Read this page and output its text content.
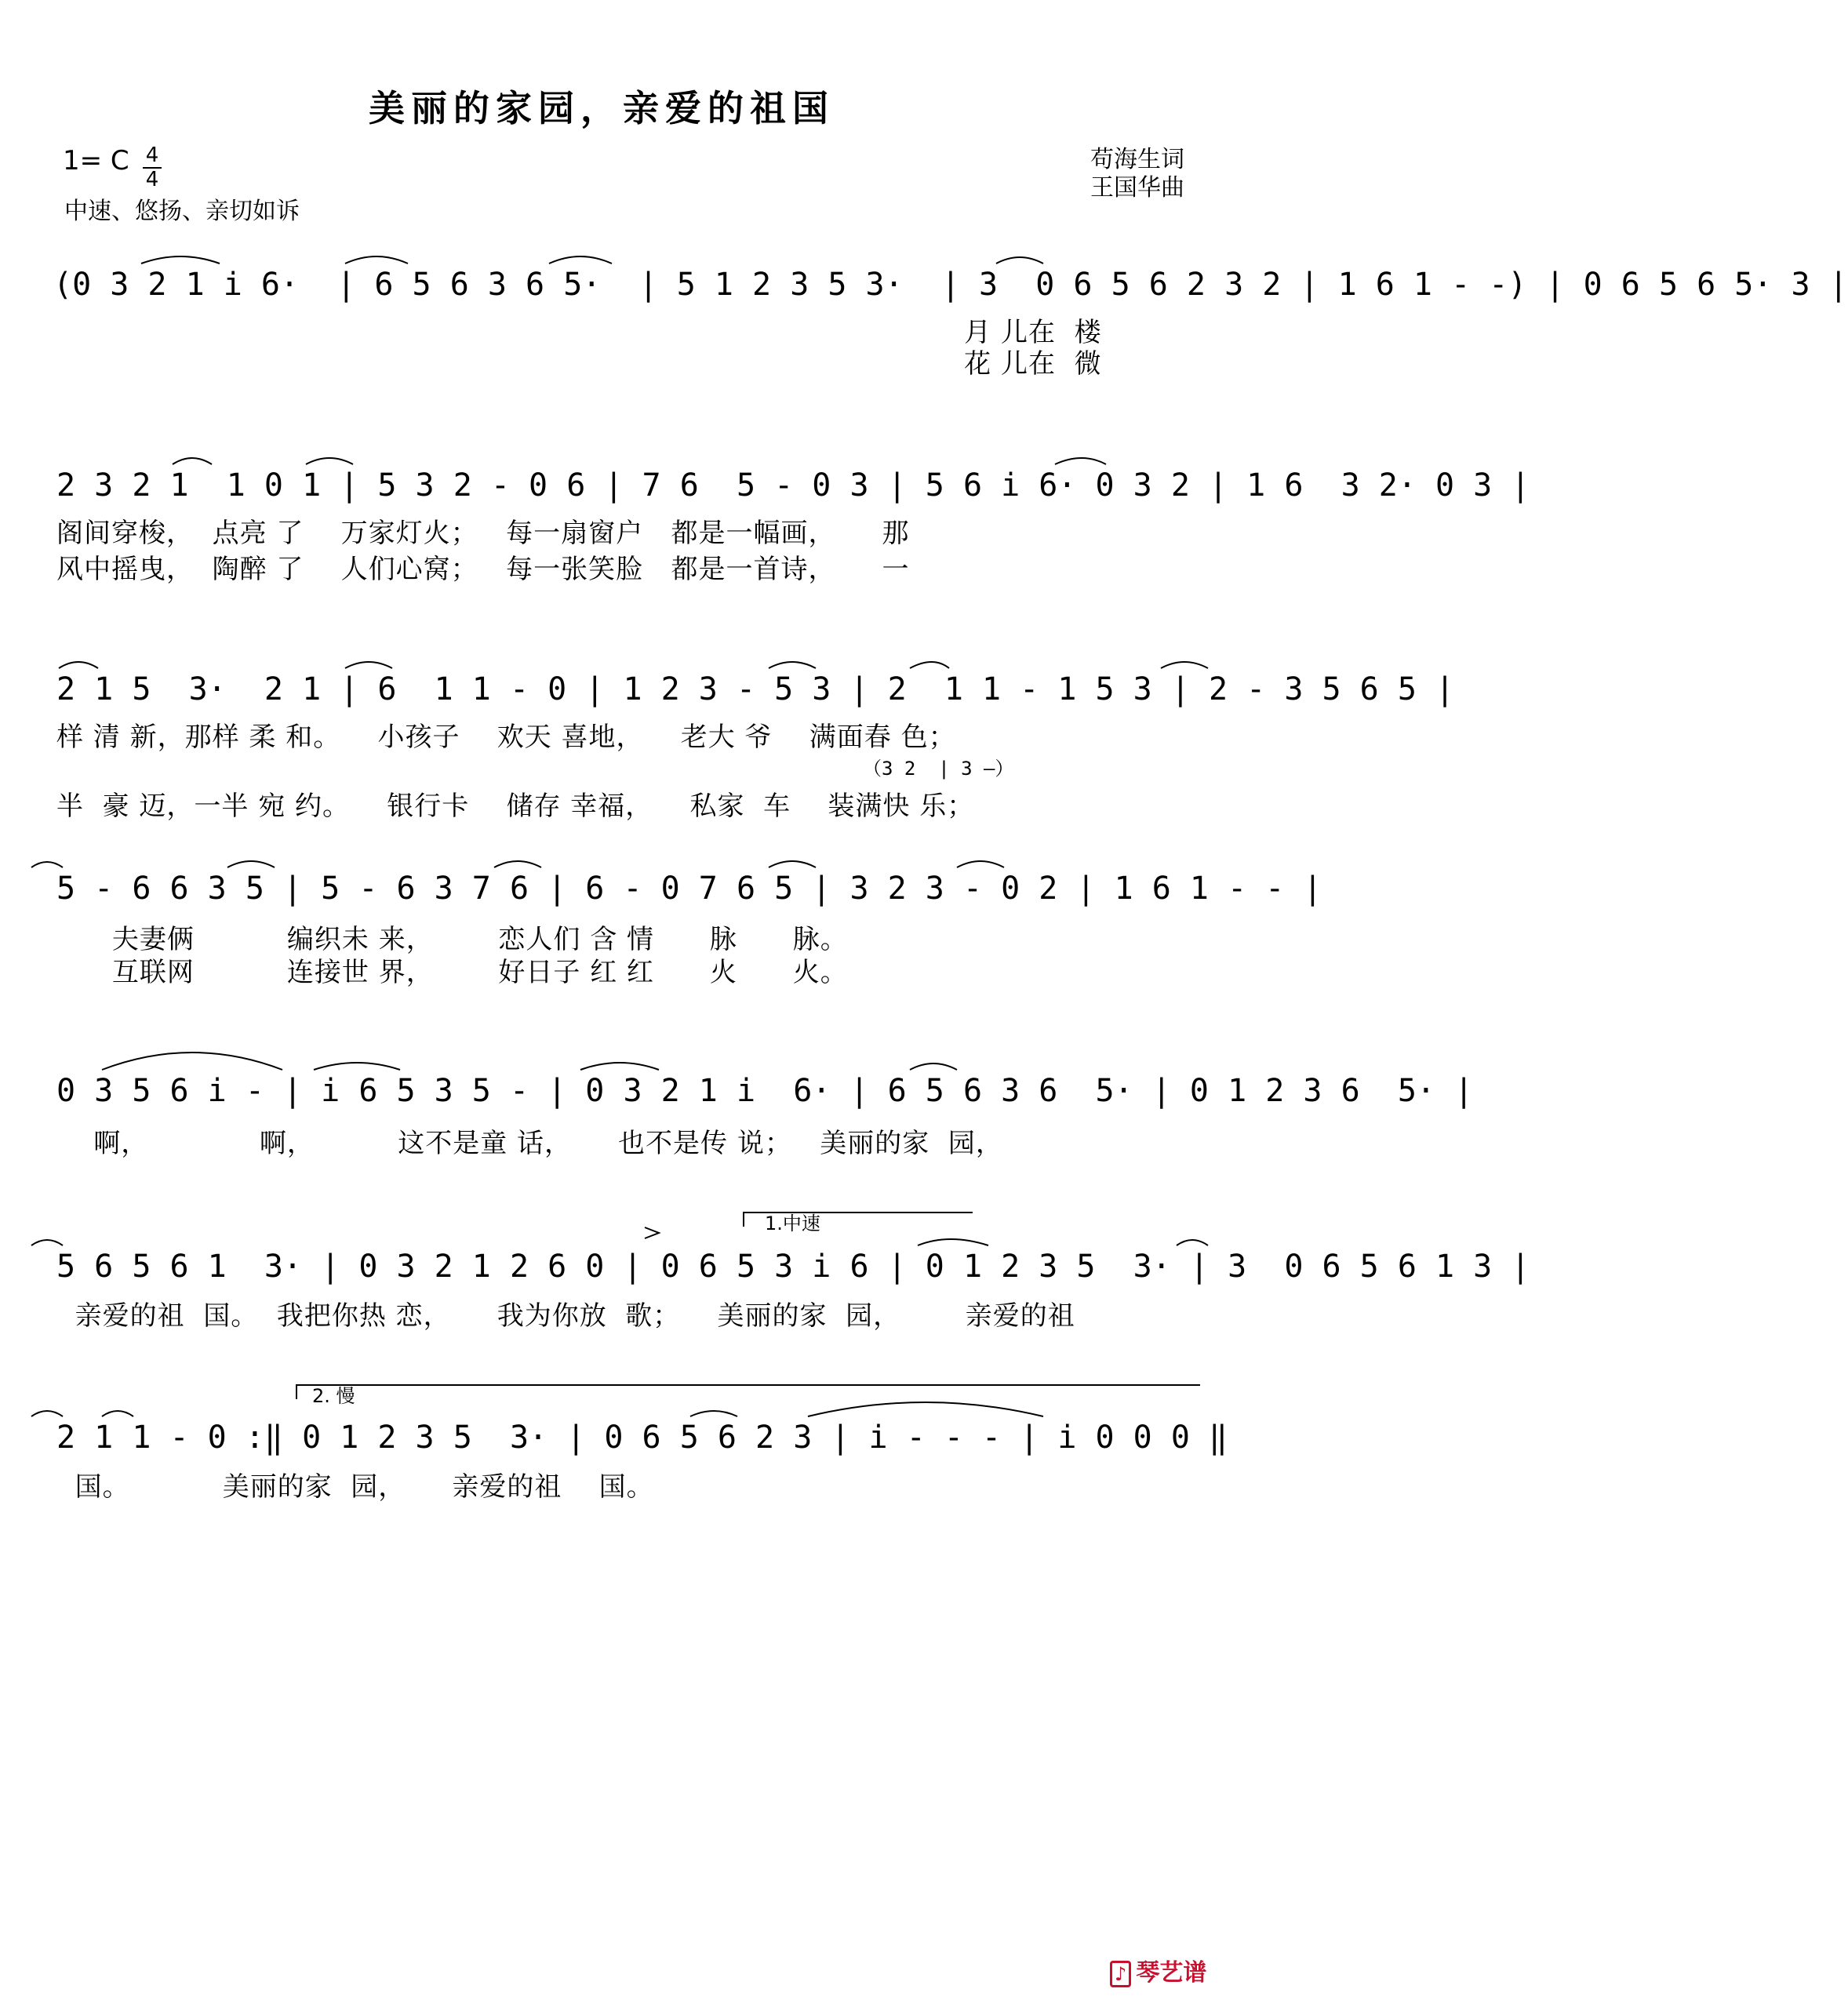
美丽的家园，亲爱的祖国
1= C 4
4
中速、悠扬、亲切如诉
苟海生词
王国华曲
(0 3 2 1 i 6·  | 6 5 6 3 6 5·  | 5 1 2 3 5 3·  | 3  0 6 5 6 2 3 2 | 1 6 1 - -) | 0 6 5 6 5· 3 |
月 儿在  楼
花 儿在  微
2 3 2 1  1 0 1 | 5 3 2 - 0 6 | 7 6  5 - 0 3 | 5 6 i 6· 0 3 2 | 1 6  3 2· 0 3 |
阁间穿梭，  点亮 了    万家灯火；   每一扇窗户   都是一幅画，     那
风中摇曳，  陶醉 了    人们心窝；   每一张笑脸   都是一首诗，     一
2 1 5  3·  2 1 | 6  1 1 - 0 | 1 2 3 - 5 3 | 2  1 1 - 1 5 3 | 2 - 3 5 6 5 |
样 清 新，那样 柔 和。    小孩子    欢天 喜地，    老大 爷    满面春 色；
（3 2  | 3 —）
半  豪 迈，一半 宛 约。    银行卡    储存 幸福，    私家  车    装满快 乐；
5 - 6 6 3 5 | 5 - 6 3 7 6 | 6 - 0 7 6 5 | 3 2 3 - 0 2 | 1 6 1 - - |
夫妻俩          编织未 来，       恋人们 含 情      脉      脉。
互联网          连接世 界，       好日子 红 红      火      火。
0 3 5 6 i - | i 6 5 3 5 - | 0 3 2 1 i  6· | 6 5 6 3 6  5· | 0 1 2 3 6  5· |
啊，            啊，         这不是童 话，     也不是传 说；   美丽的家  园，
1.中速
5 6 5 6 1  3· | 0 3 2 1 2 6 0 | 0 6 5 3 i 6 | 0 1 2 3 5  3· | 3  0 6 5 6 1 3 |
亲爱的祖  国。  我把你热 恋，     我为你放  歌；    美丽的家  园，       亲爱的祖
2. 慢
2 1 1 - 0 :‖ 0 1 2 3 5  3· | 0 6 5 6 2 3 | i - - - | i 0 0 0 ‖
国。          美丽的家  园，     亲爱的祖    国。
♪ 琴艺谱
